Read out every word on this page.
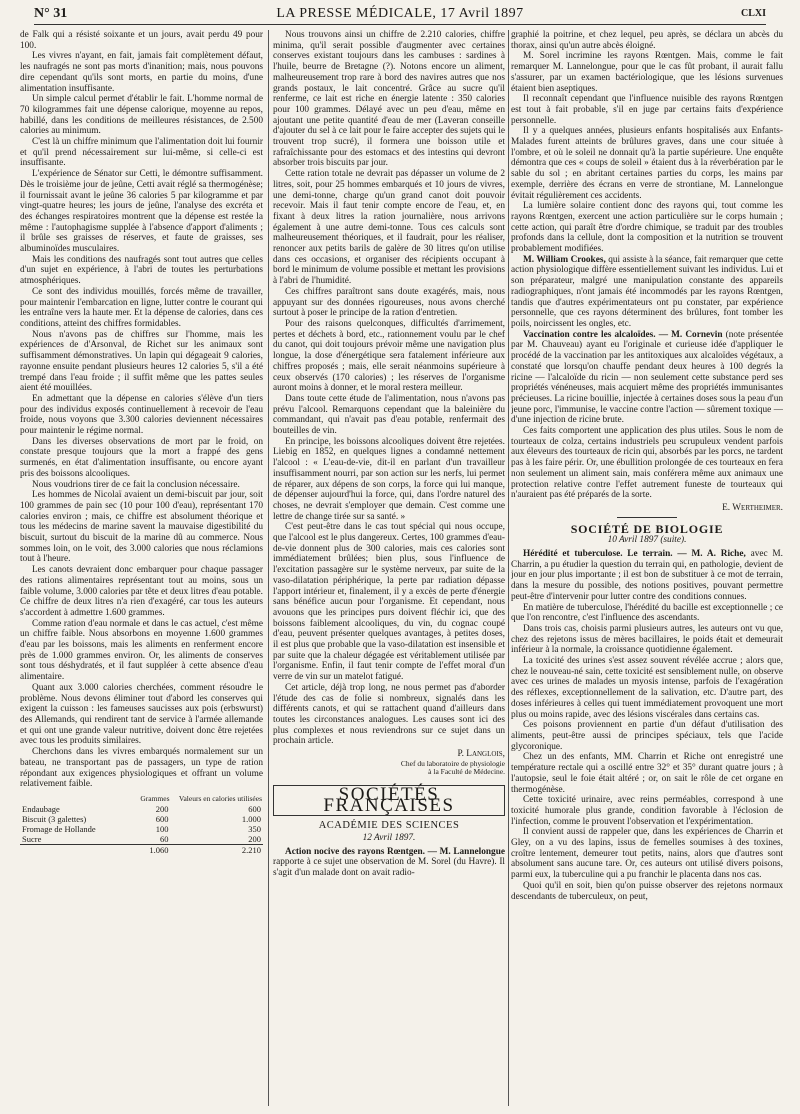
N° 31	LA PRESSE MÉDICALE, 17 Avril 1897	CLXI

de Falk qui a résisté soixante et un jours, avait perdu 49 pour 100.

Les vivres n'ayant, en fait, jamais fait complètement défaut, les naufragés ne sont pas morts d'inanition; mais, nous pouvons dire cependant qu'ils sont morts, en partie du moins, d'une alimentation insuffisante.

Un simple calcul permet d'établir le fait. L'homme normal de 70 kilogrammes fait une dépense calorique, moyenne au repos, habillé, dans les conditions de meilleures résistances, de 2.500 calories au minimum.

C'est là un chiffre minimum que l'alimentation doit lui fournir et qu'il prend nécessairement sur lui-même, si celle-ci est insuffisante.

L'expérience de Sénator sur Cetti, le démontre suffisamment. Dès le troisième jour de jeûne, Cetti avait réglé sa thermogénèse; il fournissait avant le jeûne 36 calories 5 par kilogramme et par vingt-quatre heures; les jours de jeûne, l'analyse des excréta et des échanges respiratoires montrent que la dépense est restée la même : l'autophagisme supplée à l'absence d'apport d'aliments ; il brûle ses graisses de réserves, et faute de graisses, ses albuminoïdes musculaires.

Mais les conditions des naufragés sont tout autres que celles d'un sujet en expérience, à l'abri de toutes les perturbations atmosphériques.

Ce sont des individus mouillés, forcés même de travailler, pour maintenir l'embarcation en ligne, lutter contre le courant qui les entraîne vers la haute mer. Et la dépense de calories, dans ces conditions, atteint des chiffres formidables.

Nous n'avons pas de chiffres sur l'homme, mais les expériences de d'Arsonval, de Richet sur les animaux sont suffisamment démonstratives. Un lapin qui dégageait 9 calories, rayonne ensuite pendant plusieurs heures 12 calories 5, s'il a été trempé dans l'eau froide ; il suffit même que les pattes seules aient été mouillées.

En admettant que la dépense en calories s'élève d'un tiers pour des individus exposés continuellement à recevoir de l'eau froide, nous voyons que 3.300 calories deviennent nécessaires pour maintenir le régime normal.

Dans les diverses observations de mort par le froid, on constate presque toujours que la mort a frappé des gens surmenés, en état d'alimentation insuffisante, ou encore ayant pris des boissons alcooliques.

Nous voudrions tirer de ce fait la conclusion nécessaire.

Les hommes de Nicolaï avaient un demi-biscuit par jour, soit 100 grammes de pain sec (10 pour 100 d'eau), représentant 170 calories environ ; mais, ce chiffre est absolument théorique et tous les médecins de marine savent la mauvaise digestibilité du biscuit, surtout du biscuit de la marine dû au commerce. Nous sommes loin, on le voit, des 3.000 calories que nous réclamions tout à l'heure.

Les canots devraient donc embarquer pour chaque passager des rations alimentaires représentant tout au moins, sous un faible volume, 3.000 calories par tête et deux litres d'eau potable. Ce chiffre de deux litres n'a rien d'exagéré, car tous les auteurs s'accordent à admettre 1.600 grammes.

Comme ration d'eau normale et dans le cas actuel, c'est même un chiffre faible. Nous absorbons en moyenne 1.600 grammes d'eau par les boissons, mais les aliments en renferment encore près de 1.000 grammes environ. Or, les aliments de conserves sont tous déshydratés, et il faut suppléer à cette absence d'eau alimentaire.

Quant aux 3.000 calories cherchées, comment résoudre le problème. Nous devons éliminer tout d'abord les conserves qui exigent la cuisson : les fameuses saucisses aux pois (erbswurst) des Allemands, qui rendirent tant de service à l'armée allemande et qui ont une grande valeur nutritive, doivent donc être rejetées avec tous les produits similaires.

Cherchons dans les vivres embarqués normalement sur un bateau, ne transportant pas de passagers, un type de ration répondant aux exigences physiologiques et offrant un volume relativement faible.

	Grammes	Valeurs en calories utilisées
Endaubage	200	600
Biscuit (3 galettes)	600	1.000
Fromage de Hollande	100	350
Sucre	60	200
	1.060	2.210

Nous trouvons ainsi un chiffre de 2.210 calories, chiffre minima, qu'il serait possible d'augmenter avec certaines conserves existant toujours dans les cambuses : sardines à l'huile, beurre de Bretagne (?). Notons encore un aliment, malheureusement trop rare à bord des navires autres que nos grands postaux, le lait concentré. Grâce au sucre qu'il renferme, ce lait est riche en énergie latente : 350 calories pour 100 grammes. Délayé avec un peu d'eau, même en ajoutant une petite quantité d'eau de mer (Laveran conseille d'ajouter du sel à ce lait pour le faire accepter des sujets qui le trouvent trop sucré), il formera une boisson utile et rafraîchissante pour des estomacs et des intestins qui devront absorber trois biscuits par jour.

Cette ration totale ne devrait pas dépasser un volume de 2 litres, soit, pour 25 hommes embarqués et 10 jours de vivres, une demi-tonne, charge qu'un grand canot doit pouvoir recevoir. Mais il faut tenir compte encore de l'eau, et, en fixant à deux litres la ration journalière, nous arrivons également à une autre demi-tonne. Tous ces calculs sont malheureusement théoriques, et il faudrait, pour les réaliser, renoncer aux petits barils de galère de 30 litres qu'on utilise dans ces occasions, et organiser des récipients occupant à bord le minimum de volume possible et mettant les provisions à l'abri de l'humidité.

Ces chiffres paraîtront sans doute exagérés, mais, nous appuyant sur des données rigoureuses, nous avons cherché surtout à poser le principe de la ration d'entretien.

Pour des raisons quelconques, difficultés d'arrimement, pertes et déchets à bord, etc., rationnement voulu par le chef du canot, qui doit toujours prévoir même une navigation plus longue, la dose d'énergétique sera fatalement inférieure aux chiffres proposés ; mais, elle serait néanmoins supérieure à ceux observés (170 calories) ; les réserves de l'organisme auront moins à donner, et le moral restera meilleur.

Dans toute cette étude de l'alimentation, nous n'avons pas prévu l'alcool. Remarquons cependant que la baleinière du commandant, qui n'avait pas d'eau potable, renfermait des bouteilles de vin.

En principe, les boissons alcooliques doivent être rejetées. Liebig en 1852, en quelques lignes a condamné nettement l'alcool : « L'eau-de-vie, dit-il en parlant d'un travailleur insuffisamment nourri, par son action sur les nerfs, lui permet de réparer, aux dépens de son corps, la force qui lui manque, de dépenser aujourd'hui la force, qui, dans l'ordre naturel des choses, ne devrait s'employer que demain. C'est comme une lettre de change tirée sur sa santé. »

C'est peut-être dans le cas tout spécial qui nous occupe, que l'alcool est le plus dangereux. Certes, 100 grammes d'eau-de-vie donnent plus de 300 calories, mais ces calories sont immédiatement brûlées; bien plus, sous l'influence de l'excitation passagère sur le système nerveux, par suite de la vaso-dilatation périphérique, la perte par radiation dépasse l'apport intérieur et, finalement, il y a excès de perte d'énergie sans bénéfice aucun pour l'organisme. Et cependant, nous avouons que les principes purs doivent fléchir ici, que des boissons faiblement alcooliques, du vin, du cognac coupé d'eau, peuvent présenter quelques avantages, à petites doses, il est plus que probable que la vaso-dilatation est insensible et par suite que la chaleur dégagée est véritablement utilisée par l'organisme. Enfin, il faut tenir compte de l'effet moral d'un verre de vin sur un matelot fatigué.

Cet article, déjà trop long, ne nous permet pas d'aborder l'étude des cas de folie si nombreux, signalés dans les différents canots, et qui se rattachent quand d'ailleurs dans toutes les circonstances analogues. Les causes sont ici des plus complexes et nous reviendrons sur ce sujet dans un prochain article.

P. Langlois,

Chef du laboratoire de physiologie

à la Faculté de Médecine.

SOCIÉTÉS FRANÇAISES

ACADÉMIE DES SCIENCES

12 Avril 1897.

Action nocive des rayons Rœntgen. — M. Lannelongue rapporte à ce sujet une observation de M. Sorel (du Havre). Il s'agit d'un malade dont on avait radio-

graphié la poitrine, et chez lequel, peu après, se déclara un abcès du thorax, ainsi qu'un autre abcès éloigné.

M. Sorel incrimine les rayons Rœntgen. Mais, comme le fait remarquer M. Lannelongue, pour que le cas fût probant, il aurait fallu s'assurer, par un examen bactériologique, que les lésions survenues étaient bien aseptiques.

Il reconnaît cependant que l'influence nuisible des rayons Rœntgen est tout à fait probable, s'il en juge par certains faits d'expérience personnelle.

Il y a quelques années, plusieurs enfants hospitalisés aux Enfants-Malades furent atteints de brûlures graves, dans une cour située à l'ombre, et où le soleil ne donnait qu'à la partie supérieure. Une enquête démontra que ces « coups de soleil » étaient dus à la réverbération par le sable du sol ; en abritant certaines parties du corps, les mains par exemple, derrière des écrans en verre de strontiane, M. Lannelongue évitait régulièrement ces accidents.

La lumière solaire contient donc des rayons qui, tout comme les rayons Rœntgen, exercent une action particulière sur le corps humain ; cette action, qui paraît être d'ordre chimique, se traduit par des troubles profonds dans la cellule, dont la composition et la nutrition se trouvent probablement modifiées.

M. William Crookes, qui assiste à la séance, fait remarquer que cette action physiologique diffère essentiellement suivant les individus. Lui et son préparateur, malgré une manipulation constante des appareils radiographiques, n'ont jamais été incommodés par les rayons Rœntgen, tandis que d'autres expérimentateurs ont pu constater, par expérience personnelle, que ces rayons déterminent des brûlures, font tomber les poils, noircissent les ongles, etc.

Vaccination contre les alcaloïdes. — M. Cornevin (note présentée par M. Chauveau) ayant eu l'originale et curieuse idée d'appliquer le procédé de la vaccination par les antitoxiques aux alcaloïdes végétaux, a constaté que lorsqu'on chauffe pendant deux heures à 100 degrés la ricine — l'alcaloïde du ricin — non seulement cette substance perd ses propriétés vénéneuses, mais acquiert même des propriétés immunisantes précieuses. La ricine bouillie, injectée à certaines doses sous la peau d'un jeune porc, l'immunise, le vaccine contre l'action — sûrement toxique — d'une injection de ricine brute.

Ces faits comportent une application des plus utiles. Sous le nom de tourteaux de colza, certains industriels peu scrupuleux vendent parfois aux éleveurs des tourteaux de ricin qui, absorbés par les porcs, ne tardent pas à les faire périr. Or, une ébullition prolongée de ces tourteaux en fera non seulement un aliment sain, mais conférera même aux animaux une protection relative contre l'effet autrement funeste de tourteaux qui n'auraient pas été préparés de la sorte.

E. Wertheimer.

SOCIÉTÉ DE BIOLOGIE

10 Avril 1897 (suite).

Hérédité et tuberculose. Le terrain. — M. A. Riche, avec M. Charrin, a pu étudier la question du terrain qui, en pathologie, devient de jour en jour plus importante ; il est bon de substituer à ce mot de terrain, dans la mesure du possible, des notions positives, pouvant permettre peut-être d'intervenir pour lutter contre des conditions connues.

En matière de tuberculose, l'hérédité du bacille est exceptionnelle ; ce que l'on rencontre, c'est l'influence des ascendants.

Dans trois cas, choisis parmi plusieurs autres, les auteurs ont vu que, chez des rejetons issus de mères bacillaires, le poids était et demeurait inférieur à la normale, la croissance quotidienne également.

La toxicité des urines s'est assez souvent révélée accrue ; alors que, chez le nouveau-né sain, cette toxicité est sensiblement nulle, on observe avec ces urines de malades un myosis intense, parfois de l'exagération des réflexes, exceptionnellement de la salivation, etc. D'autre part, des doses inférieures à celles qui tuent immédiatement provoquent une mort plus ou moins rapide, avec des lésions viscérales dans certains cas.

Ces poisons proviennent en partie d'un défaut d'utilisation des aliments, peut-être aussi de principes spéciaux, tels que l'acide glycoronique.

Chez un des enfants, MM. Charrin et Riche ont enregistré une température rectale qui a oscillé entre 32° et 35° durant quatre jours ; à l'autopsie, seul le foie était altéré ; or, on sait le rôle de cet organe en thermogénèse.

Cette toxicité urinaire, avec reins perméables, correspond à une toxicité humorale plus grande, condition favorable à l'éclosion de l'infection, comme le prouvent l'observation et l'expérimentation.

Il convient aussi de rappeler que, dans les expériences de Charrin et Gley, on a vu des lapins, issus de femelles soumises à des toxines, croître lentement, demeurer tout petits, nains, alors que d'autres sont absolument sans aucune tare. Or, ces auteurs ont utilisé divers poisons, parmi eux, la tuberculine qui a pu franchir le placenta dans nos cas.

Quoi qu'il en soit, bien qu'on puisse observer des rejetons normaux descendants de tuberculeux, on peut,
